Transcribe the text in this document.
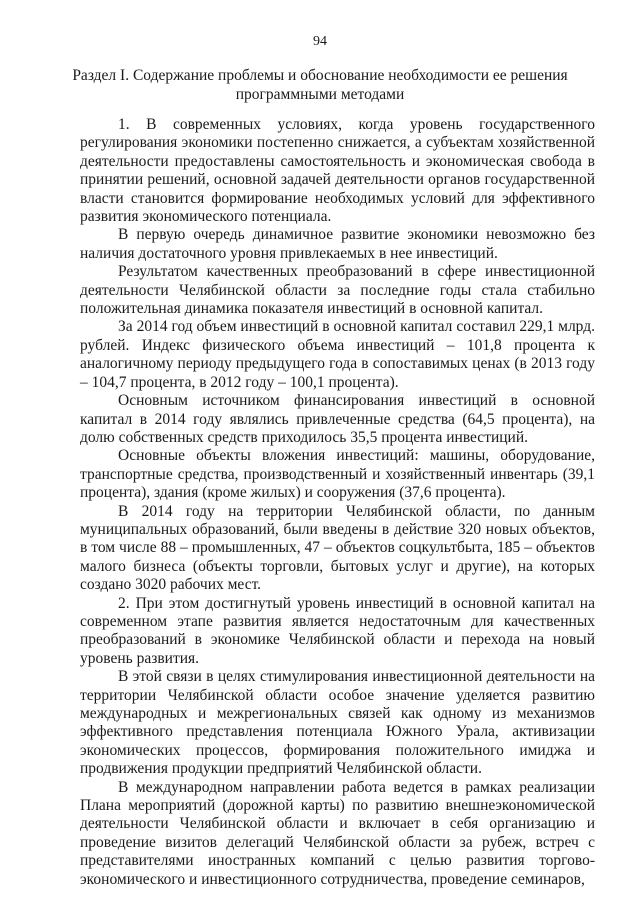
94
Раздел I. Содержание проблемы и обоснование необходимости ее решения
программными методами

1. В современных условиях, когда уровень государственного регулирования экономики постепенно снижается, а субъектам хозяйственной деятельности предоставлены самостоятельность и экономическая свобода в принятии решений, основной задачей деятельности органов государственной власти становится формирование необходимых условий для эффективного развития экономического потенциала.

В первую очередь динамичное развитие экономики невозможно без наличия достаточного уровня привлекаемых в нее инвестиций.

Результатом качественных преобразований в сфере инвестиционной деятельности Челябинской области за последние годы стала стабильно положительная динамика показателя инвестиций в основной капитал.

За 2014 год объем инвестиций в основной капитал составил 229,1 млрд. рублей. Индекс физического объема инвестиций – 101,8 процента к аналогичному периоду предыдущего года в сопоставимых ценах (в 2013 году – 104,7 процента, в 2012 году – 100,1 процента).

Основным источником финансирования инвестиций в основной капитал в 2014 году являлись привлеченные средства (64,5 процента), на долю собственных средств приходилось 35,5 процента инвестиций.

Основные объекты вложения инвестиций: машины, оборудование, транспортные средства, производственный и хозяйственный инвентарь (39,1 процента), здания (кроме жилых) и сооружения (37,6 процента).

В 2014 году на территории Челябинской области, по данным муниципальных образований, были введены в действие 320 новых объектов, в том числе 88 – промышленных, 47 – объектов соцкультбыта, 185 – объектов малого бизнеса (объекты торговли, бытовых услуг и другие), на которых создано 3020 рабочих мест.

2. При этом достигнутый уровень инвестиций в основной капитал на современном этапе развития является недостаточным для качественных преобразований в экономике Челябинской области и перехода на новый уровень развития.

В этой связи в целях стимулирования инвестиционной деятельности на территории Челябинской области особое значение уделяется развитию международных и межрегиональных связей как одному из механизмов эффективного представления потенциала Южного Урала, активизации экономических процессов, формирования положительного имиджа и продвижения продукции предприятий Челябинской области.

В международном направлении работа ведется в рамках реализации Плана мероприятий (дорожной карты) по развитию внешнеэкономической деятельности Челябинской области и включает в себя организацию и проведение визитов делегаций Челябинской области за рубеж, встреч с представителями иностранных компаний с целью развития торгово-экономического и инвестиционного сотрудничества, проведение семинаров,
